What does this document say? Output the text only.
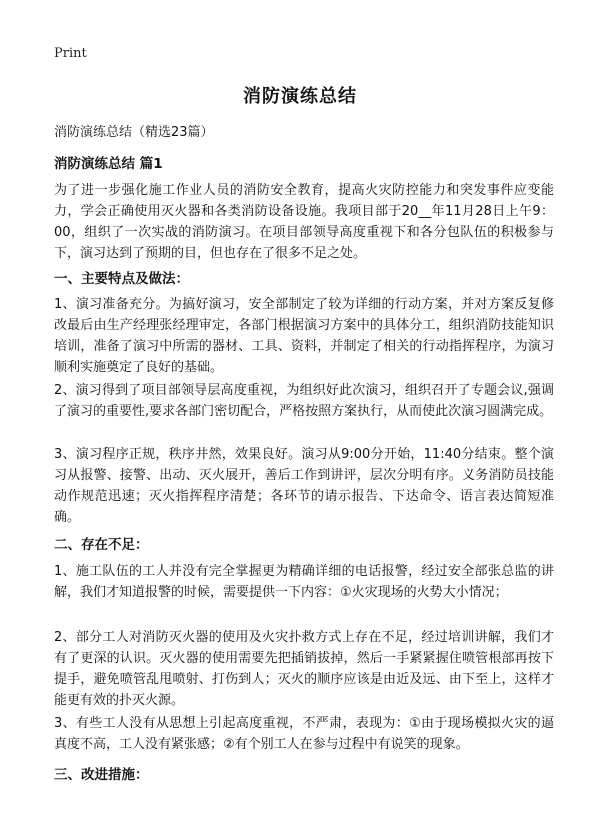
Print
消防演练总结
消防演练总结（精选23篇）
消防演练总结 篇1
为了进一步强化施工作业人员的消防安全教育，提高火灾防控能力和突发事件应变能力，学会正确使用灭火器和各类消防设备设施。我项目部于20__年11月28日上午9：00，组织了一次实战的消防演习。在项目部领导高度重视下和各分包队伍的积极参与下，演习达到了预期的目，但也存在了很多不足之处。
一、主要特点及做法：
1、演习准备充分。为搞好演习，安全部制定了较为详细的行动方案，并对方案反复修改最后由生产经理张经理审定，各部门根据演习方案中的具体分工，组织消防技能知识培训，准备了演习中所需的器材、工具、资料，并制定了相关的行动指挥程序，为演习顺利实施奠定了良好的基础。
2、演习得到了项目部领导层高度重视，为组织好此次演习，组织召开了专题会议,强调了演习的重要性,要求各部门密切配合，严格按照方案执行，从而使此次演习圆满完成。
3、演习程序正规，秩序井然，效果良好。演习从9:00分开始，11:40分结束。整个演习从报警、接警、出动、灭火展开，善后工作到讲评，层次分明有序。义务消防员技能动作规范迅速；灭火指挥程序清楚；各环节的请示报告、下达命令、语言表达简短准确。
二、存在不足：
1、施工队伍的工人并没有完全掌握更为精确详细的电话报警，经过安全部张总监的讲解，我们才知道报警的时候，需要提供一下内容：①火灾现场的火势大小情况；
2、部分工人对消防灭火器的使用及火灾扑救方式上存在不足，经过培训讲解，我们才有了更深的认识。灭火器的使用需要先把插销拔掉，然后一手紧紧握住喷管根部再按下提手，避免喷管乱甩喷射、打伤到人；灭火的顺序应该是由近及远、由下至上，这样才能更有效的扑灭火源。
3、有些工人没有从思想上引起高度重视，不严肃，表现为：①由于现场模拟火灾的逼真度不高，工人没有紧张感；②有个别工人在参与过程中有说笑的现象。
三、改进措施：
